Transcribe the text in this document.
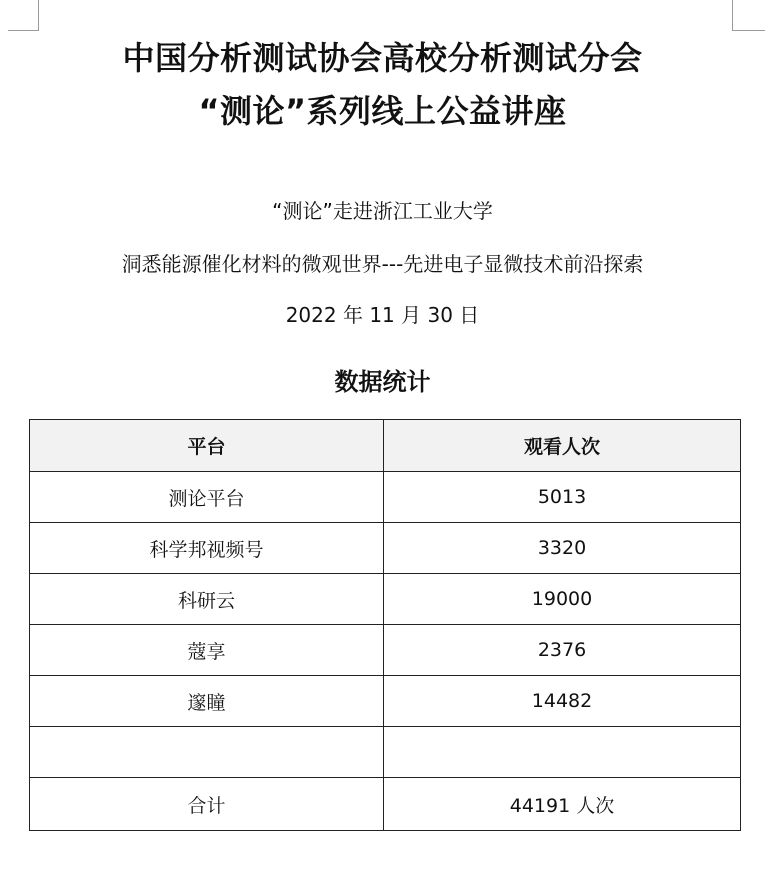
中国分析测试协会高校分析测试分会
“测论”系列线上公益讲座
“测论”走进浙江工业大学
洞悉能源催化材料的微观世界---先进电子显微技术前沿探索
2022 年 11 月 30 日
数据统计
平台	观看人次
测论平台	5013
科学邦视频号	3320
科研云	19000
蔻享	2376
邃瞳	14482

合计	44191 人次
